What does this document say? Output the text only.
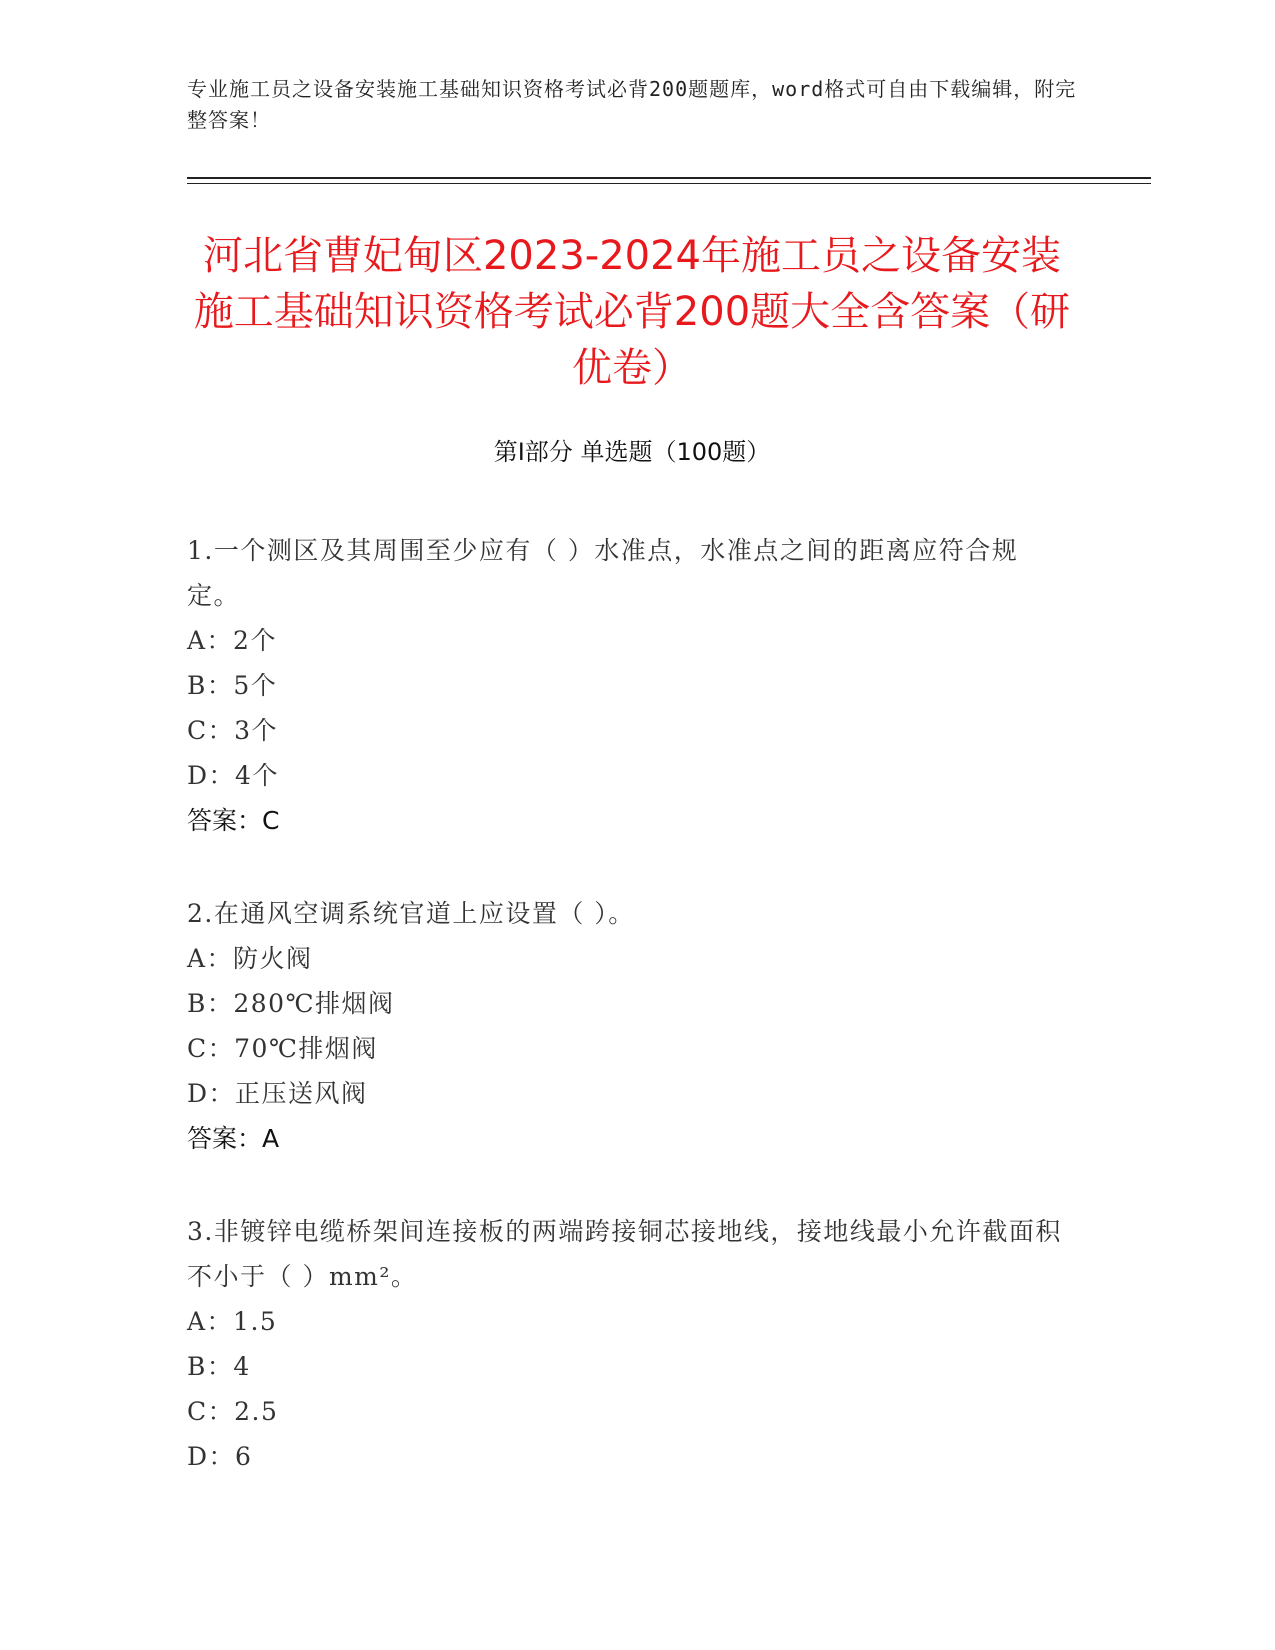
专业施工员之设备安装施工基础知识资格考试必背200题题库，word格式可自由下载编辑，附完整答案！
河北省曹妃甸区2023-2024年施工员之设备安装施工基础知识资格考试必背200题大全含答案（研优卷）
第Ⅰ部分 单选题（100题）
1.一个测区及其周围至少应有（ ）水准点，水准点之间的距离应符合规定。
A：2个
B：5个
C：3个
D：4个
答案：C
2.在通风空调系统官道上应设置（ ）。
A：防火阀
B：280℃排烟阀
C：70℃排烟阀
D：正压送风阀
答案：A
3.非镀锌电缆桥架间连接板的两端跨接铜芯接地线，接地线最小允许截面积不小于（ ）mm²。
A：1.5
B：4
C：2.5
D：6
